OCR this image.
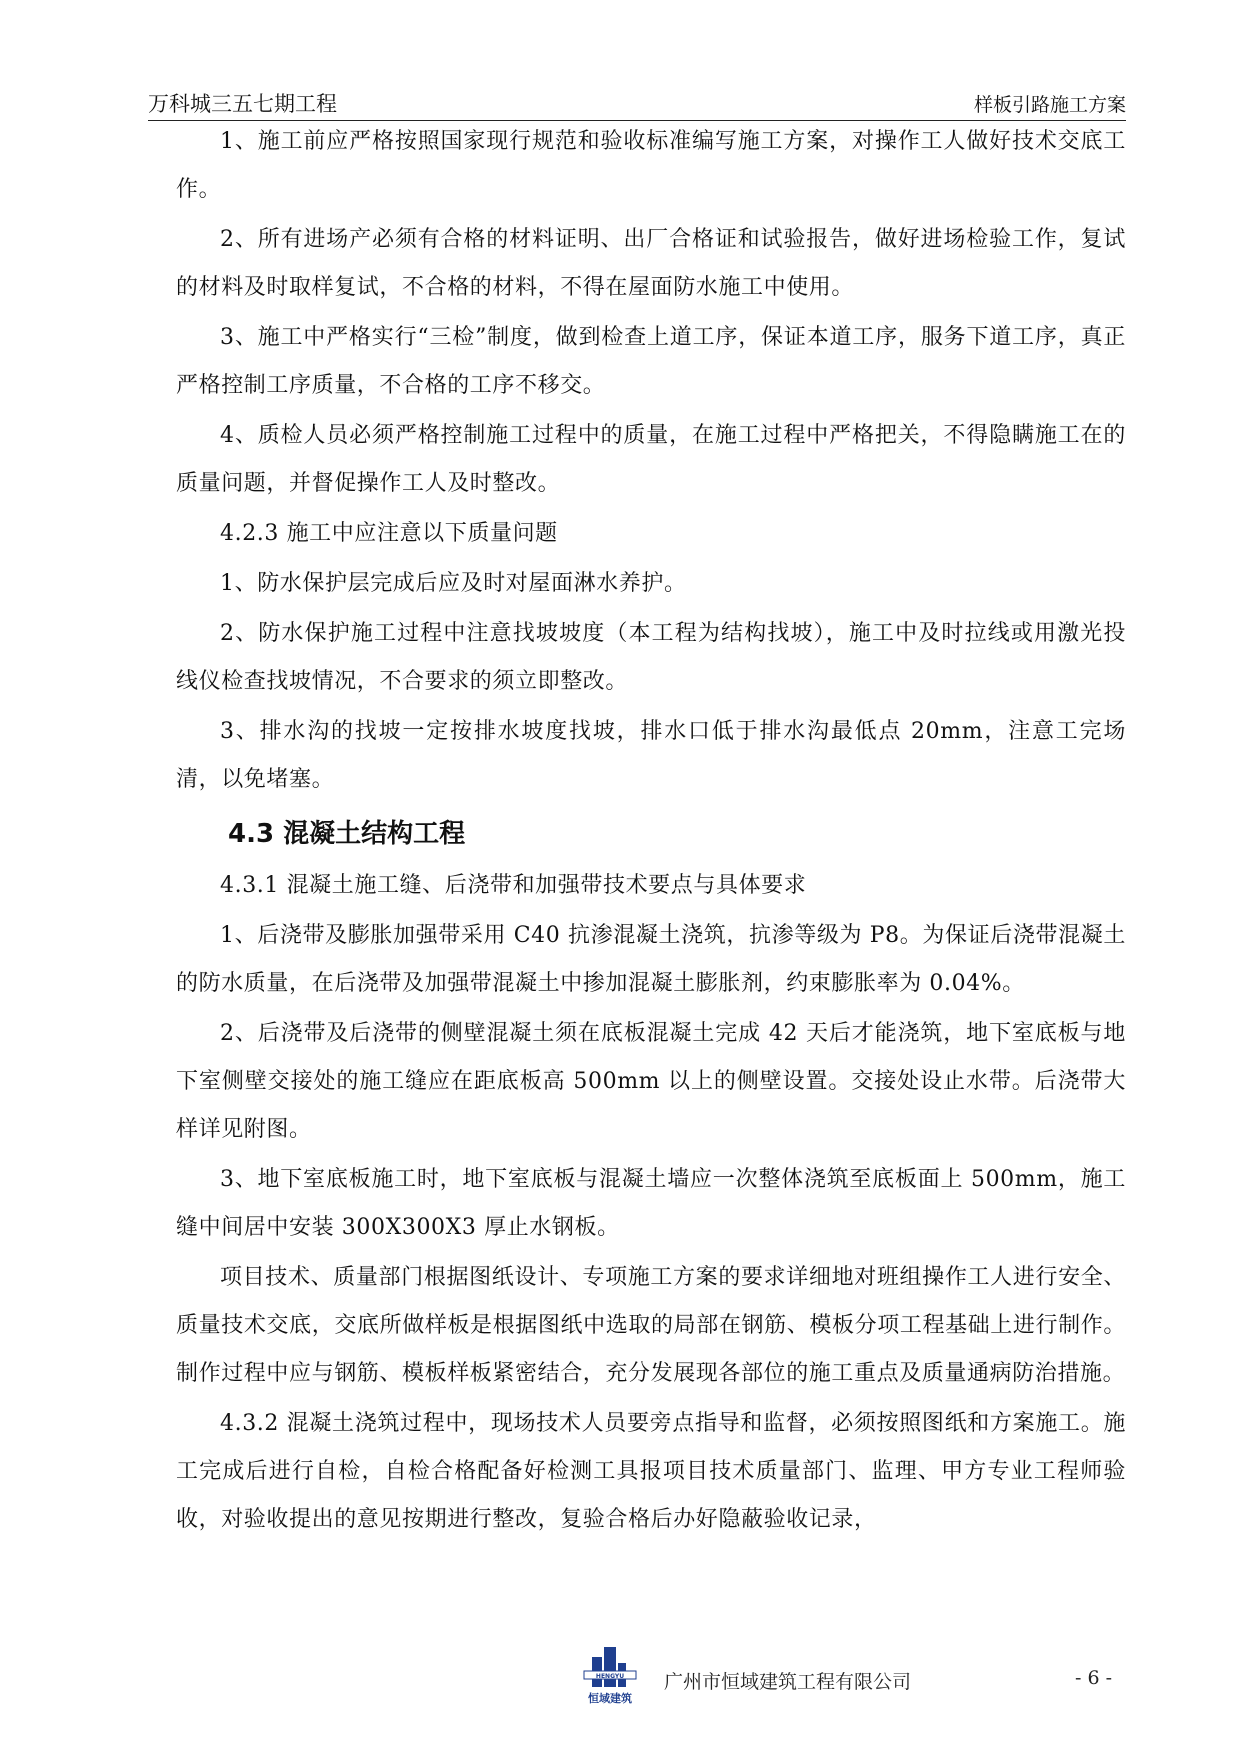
万科城三五七期工程	样板引路施工方案

1、施工前应严格按照国家现行规范和验收标准编写施工方案，对操作工人做好技术交底工作。

2、所有进场产必须有合格的材料证明、出厂合格证和试验报告，做好进场检验工作，复试的材料及时取样复试，不合格的材料，不得在屋面防水施工中使用。

3、施工中严格实行“三检”制度，做到检查上道工序，保证本道工序，服务下道工序，真正严格控制工序质量，不合格的工序不移交。

4、质检人员必须严格控制施工过程中的质量，在施工过程中严格把关，不得隐瞒施工在的质量问题，并督促操作工人及时整改。

4.2.3 施工中应注意以下质量问题

1、防水保护层完成后应及时对屋面淋水养护。

2、防水保护施工过程中注意找坡坡度（本工程为结构找坡），施工中及时拉线或用激光投线仪检查找坡情况，不合要求的须立即整改。

3、排水沟的找坡一定按排水坡度找坡，排水口低于排水沟最低点 20mm，注意工完场清，以免堵塞。

4.3 混凝土结构工程

4.3.1 混凝土施工缝、后浇带和加强带技术要点与具体要求

1、后浇带及膨胀加强带采用 C40 抗渗混凝土浇筑，抗渗等级为 P8。为保证后浇带混凝土的防水质量，在后浇带及加强带混凝土中掺加混凝土膨胀剂，约束膨胀率为 0.04%。

2、后浇带及后浇带的侧壁混凝土须在底板混凝土完成 42 天后才能浇筑，地下室底板与地下室侧壁交接处的施工缝应在距底板高 500mm 以上的侧壁设置。交接处设止水带。后浇带大样详见附图。

3、地下室底板施工时，地下室底板与混凝土墙应一次整体浇筑至底板面上 500mm，施工缝中间居中安装 300X300X3 厚止水钢板。

项目技术、质量部门根据图纸设计、专项施工方案的要求详细地对班组操作工人进行安全、质量技术交底，交底所做样板是根据图纸中选取的局部在钢筋、模板分项工程基础上进行制作。制作过程中应与钢筋、模板样板紧密结合，充分发展现各部位的施工重点及质量通病防治措施。

4.3.2 混凝土浇筑过程中，现场技术人员要旁点指导和监督，必须按照图纸和方案施工。施工完成后进行自检，自检合格配备好检测工具报项目技术质量部门、监理、甲方专业工程师验收，对验收提出的意见按期进行整改，复验合格后办好隐蔽验收记录，

HENGYU
恒域建筑
广州市恒域建筑工程有限公司	- 6 -
